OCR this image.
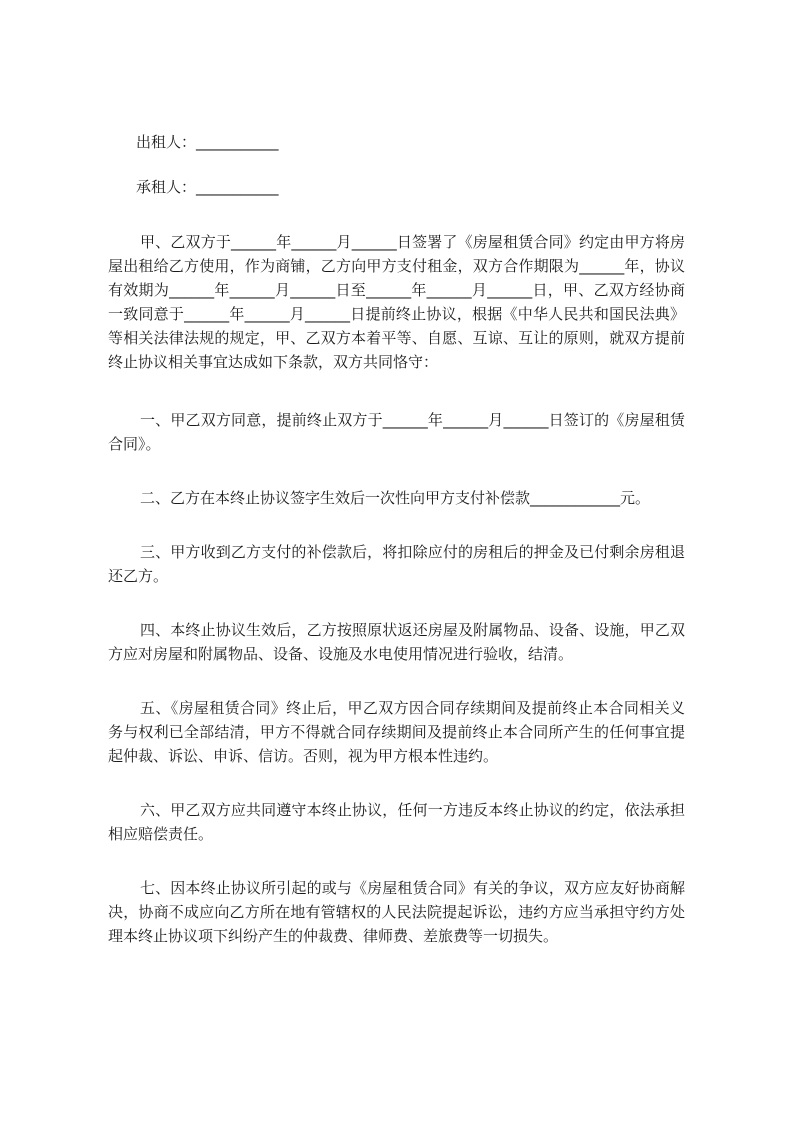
出租人：___________

承租人：___________

甲、乙双方于______年______月______日签署了《房屋租赁合同》约定由甲方将房屋出租给乙方使用，作为商铺，乙方向甲方支付租金，双方合作期限为______年，协议有效期为______年______月______日至______年______月______日，甲、乙双方经协商一致同意于______年______月______日提前终止协议，根据《中华人民共和国民法典》等相关法律法规的规定，甲、乙双方本着平等、自愿、互谅、互让的原则，就双方提前终止协议相关事宜达成如下条款，双方共同恪守：

一、甲乙双方同意，提前终止双方于______年______月______日签订的《房屋租赁合同》。

二、乙方在本终止协议签字生效后一次性向甲方支付补偿款____________元。

三、甲方收到乙方支付的补偿款后，将扣除应付的房租后的押金及已付剩余房租退还乙方。

四、本终止协议生效后，乙方按照原状返还房屋及附属物品、设备、设施，甲乙双方应对房屋和附属物品、设备、设施及水电使用情况进行验收，结清。

五、《房屋租赁合同》终止后，甲乙双方因合同存续期间及提前终止本合同相关义务与权利已全部结清，甲方不得就合同存续期间及提前终止本合同所产生的任何事宜提起仲裁、诉讼、申诉、信访。否则，视为甲方根本性违约。

六、甲乙双方应共同遵守本终止协议，任何一方违反本终止协议的约定，依法承担相应赔偿责任。

七、因本终止协议所引起的或与《房屋租赁合同》有关的争议，双方应友好协商解决，协商不成应向乙方所在地有管辖权的人民法院提起诉讼，违约方应当承担守约方处理本终止协议项下纠纷产生的仲裁费、律师费、差旅费等一切损失。
